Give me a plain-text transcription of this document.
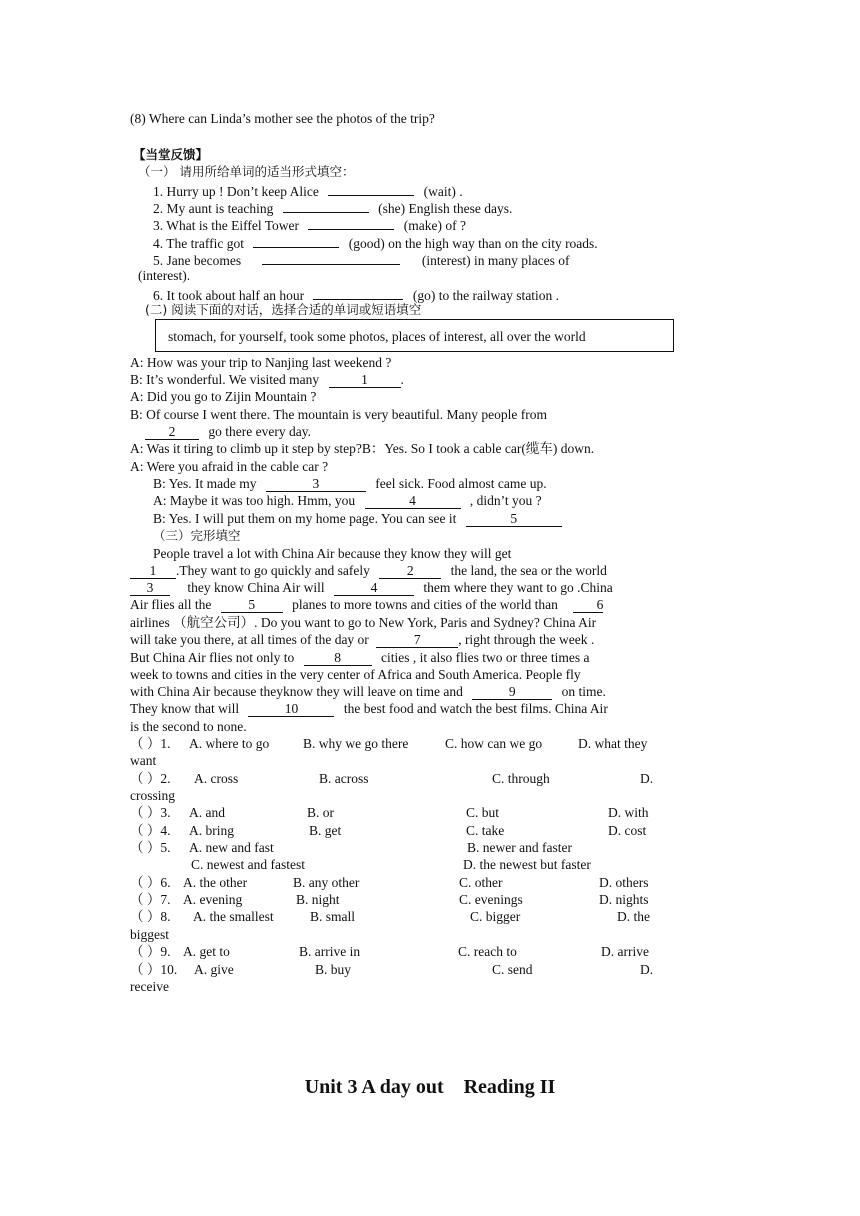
(8) Where can Linda’s mother see the photos of the trip?
【当堂反馈】
（一） 请用所给单词的适当形式填空：
1. Hurry up ! Don’t keep Alice	(wait) .
2. My aunt is teaching	(she) English these days.
3. What is the Eiffel Tower	(make) of ?
4. The traffic got	(good) on the high way than on the city roads.
5. Jane becomes	(interest) in many places of
(interest).
6. It took about half an hour	(go) to the railway station .
(二) 阅读下面的对话，选择合适的单词或短语填空
stomach, for yourself, took some photos, places of interest, all over the world
A: How was your trip to Nanjing last weekend ?
B: It’s wonderful. We visited many	1 .
A: Did you go to Zijin Mountain ?
B: Of course I went there. The mountain is very beautiful. Many people from
2 go there every day.
A: Was it tiring to climb up it step by step?B：Yes. So I took a cable car(缆车) down.
A: Were you afraid in the cable car ?
B: Yes. It made my	3	feel sick. Food almost came up.
A: Maybe it was too high. Hmm, you	4	, didn’t you ?
B: Yes. I will put them on my home page. You can see it	5
（三）完形填空
People travel a lot with China Air because they know they will get
1 .They want to go quickly and safely	2	the land, the sea or the world
3	they know China Air will	4	them where they want to go .China
Air flies all the	5	planes to more towns and cities of the world than	6
airlines （航空公司）. Do you want to go to New York, Paris and Sydney? China Air
will take you there, at all times of the day or	7	, right through the week .
But China Air flies not only to	8	cities , it also flies two or three times a
week to towns and cities in the very center of Africa and South America. People fly
with China Air because theyknow they will leave on time and	9	on time.
They know that will	10	the best food and watch the best films. China Air
is the second to none.
（ ）1. A. where to go	B. why we go there	C. how can we go	D. what they
want
（ ）2. A. cross	B. across	C. through	D.
crossing
（ ）3. A. and	B. or	C. but	D. with
（ ）4. A. bring	B. get	C. take	D. cost
（ ）5. A. new and fast	B. newer and faster
C. newest and fastest	D. the newest but faster
（ ）6. A. the other	B. any other	C. other	D. others
（ ）7. A. evening	B. night	C. evenings	D. nights
（ ）8. A. the smallest	B. small	C. bigger	D. the
biggest
（ ）9. A. get to	B. arrive in	C. reach to	D. arrive
（ ）10. A. give	B. buy	C. send	D.
receive
Unit 3 A day out    Reading II
